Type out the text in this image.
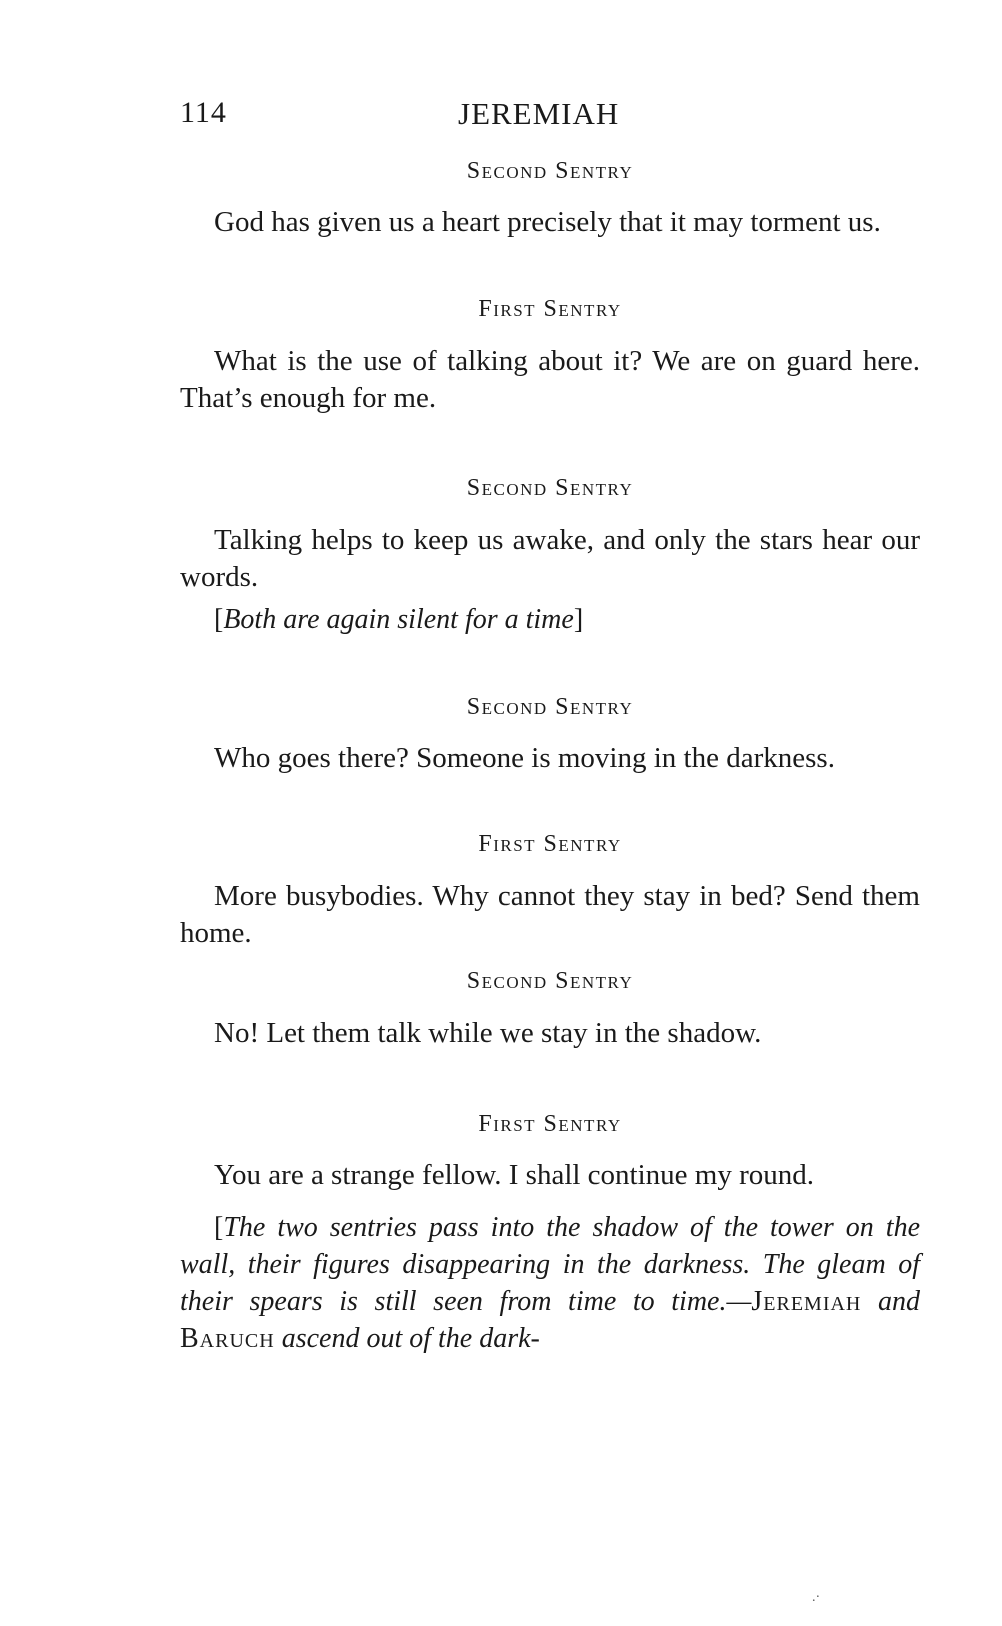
114	JEREMIAH
Second Sentry
God has given us a heart precisely that it may torment us.
First Sentry
What is the use of talking about it? We are on guard here. That’s enough for me.
Second Sentry
Talking helps to keep us awake, and only the stars hear our words.
[Both are again silent for a time]
Second Sentry
Who goes there? Someone is moving in the darkness.
First Sentry
More busybodies. Why cannot they stay in bed? Send them home.
Second Sentry
No! Let them talk while we stay in the shadow.
First Sentry
You are a strange fellow. I shall continue my round.
[The two sentries pass into the shadow of the tower on the wall, their figures disappearing in the darkness. The gleam of their spears is still seen from time to time.—Jeremiah and Baruch ascend out of the dark-
.·
